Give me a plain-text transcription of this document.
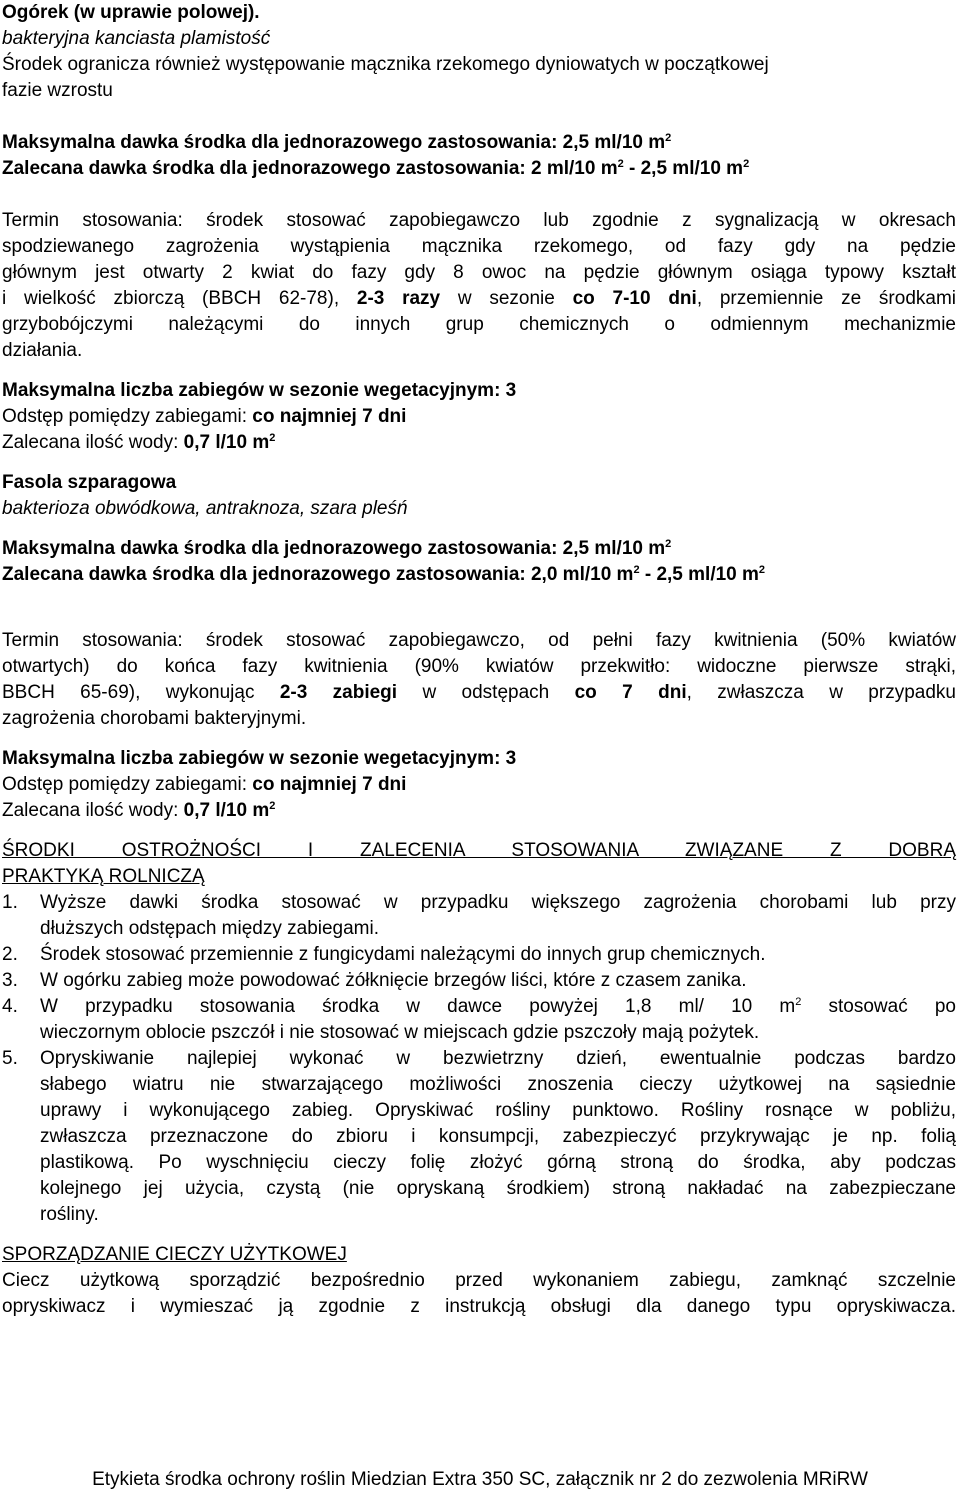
Ogórek (w uprawie polowej).
bakteryjna kanciasta plamistość
Środek ogranicza również występowanie mącznika rzekomego dyniowatych w początkowej
fazie wzrostu
Maksymalna dawka środka dla jednorazowego zastosowania: 2,5 ml/10 $m^2$
Zalecana dawka środka dla jednorazowego zastosowania: 2 ml/10 $m^2 - 2,5$ ml/10 $m^2$
Termin stosowania: środek stosować zapobiegawczo lub zgodnie z sygnalizacją w okresach
spodziewanego zagrożenia wystąpienia mącznika rzekomego, od fazy gdy na pędzie
głównym jest otwarty 2 kwiat do fazy gdy 8 owoc na pędzie głównym osiąga typowy kształt
i wielkość zbiorczą (BBCH 62-78), 2-3 razy w sezonie co 7-10 dni, przemiennie ze środkami
grzybobójczymi należącymi do innych grup chemicznych o odmiennym mechanizmie
działania.
Maksymalna liczba zabiegów w sezonie wegetacyjnym: 3
Odstęp pomiędzy zabiegami: co najmniej 7 dni
Zalecana ilość wody: 0,7 l/10 $m^2$
Fasola szparagowa
bakterioza obwódkowa, antraknoza, szara pleśń
Maksymalna dawka środka dla jednorazowego zastosowania: 2,5 ml/10 $m^2$
Zalecana dawka środka dla jednorazowego zastosowania: 2,0 ml/10 $m^2 - 2,5$ ml/10 $m^2$
Termin stosowania: środek stosować zapobiegawczo, od pełni fazy kwitnienia (50% kwiatów
otwartych) do końca fazy kwitnienia (90% kwiatów przekwitło: widoczne pierwsze strąki,
BBCH 65-69), wykonując 2-3 zabiegi w odstępach co 7 dni, zwłaszcza w przypadku
zagrożenia chorobami bakteryjnymi.
Maksymalna liczba zabiegów w sezonie wegetacyjnym: 3
Odstęp pomiędzy zabiegami: co najmniej 7 dni
Zalecana ilość wody: 0,7 l/10 $m^2$
ŚRODKI OSTROŻNOŚCI I ZALECENIA STOSOWANIA ZWIĄZANE Z DOBRĄ
PRAKTYKĄ ROLNICZĄ
1. Wyższe dawki środka stosować w przypadku większego zagrożenia chorobami lub przy
dłuższych odstępach między zabiegami.
2. Środek stosować przemiennie z fungicydami należącymi do innych grup chemicznych.
3. W ogórku zabieg może powodować żółknięcie brzegów liści, które z czasem zanika.
4. W przypadku stosowania środka w dawce powyżej 1,8 ml/ 10 $m^2$ stosować po
wieczornym oblocie pszczół i nie stosować w miejscach gdzie pszczoły mają pożytek.
5. Opryskiwanie najlepiej wykonać w bezwietrzny dzień, ewentualnie podczas bardzo
słabego wiatru nie stwarzającego możliwości znoszenia cieczy użytkowej na sąsiednie
uprawy i wykonującego zabieg. Opryskiwać rośliny punktowo. Rośliny rosnące w pobliżu,
zwłaszcza przeznaczone do zbioru i konsumpcji, zabezpieczyć przykrywając je np. folią
plastikową. Po wyschnięciu cieczy folię złożyć górną stroną do środka, aby podczas
kolejnego jej użycia, czystą (nie opryskaną środkiem) stroną nakładać na zabezpieczane
rośliny.
SPORZĄDZANIE CIECZY UŻYTKOWEJ
Ciecz użytkową sporządzić bezpośrednio przed wykonaniem zabiegu, zamknąć szczelnie
opryskiwacz i wymieszać ją zgodnie z instrukcją obsługi dla danego typu opryskiwacza.
Etykieta środka ochrony roślin Miedzian Extra 350 SC, załącznik nr 2 do zezwolenia MRiRW
